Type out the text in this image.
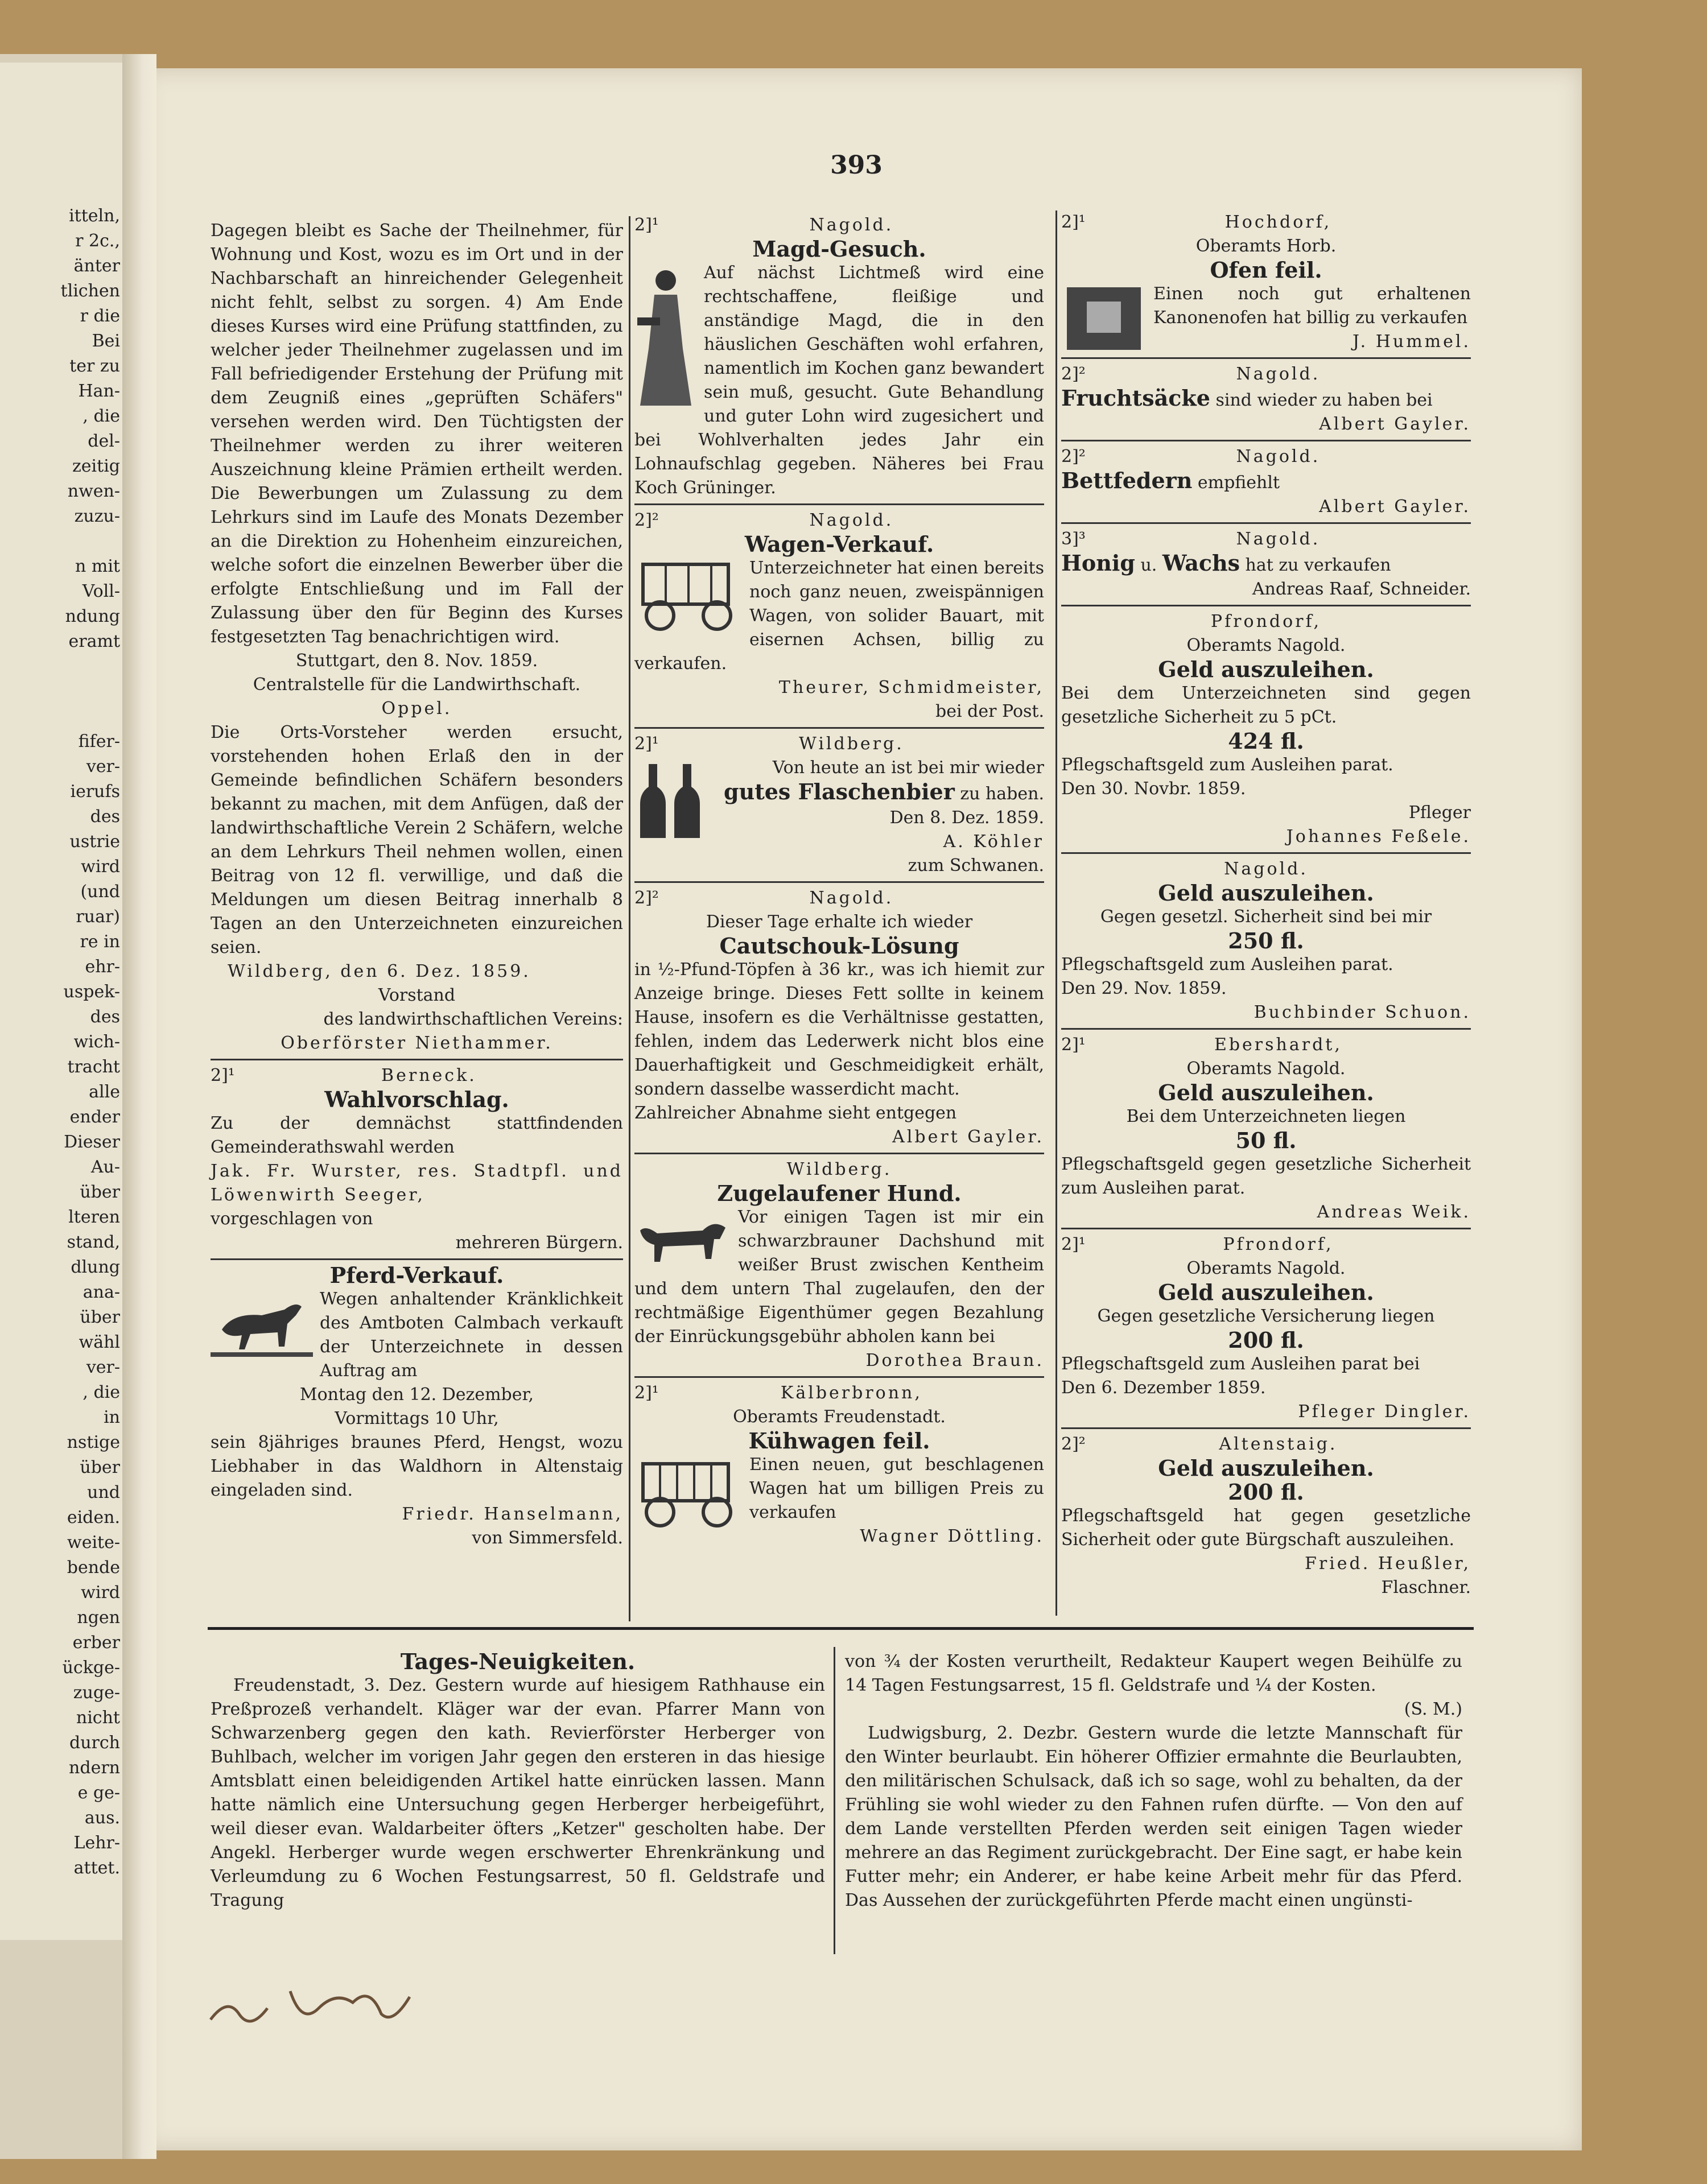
itteln,
r 2c.,
änter
tlichen
r die
Bei
ter zu
Han-
, die
del-
zeitig
nwen-
zuzu-
n mit
Voll-
ndung
eramt
fifer-
ver-
ierufs
des
ustrie
wird
(und
ruar)
re in
ehr-
uspek-
des
wich-
tracht
alle
ender
Dieser
Au-
über
lteren
stand,
dlung
ana-
über
wähl
ver-
, die
in
nstige
über
und
eiden.
weite-
bende
wird
ngen
erber
ückge-
zuge-
nicht
durch
ndern
e ge-
aus.
Lehr-
attet.
393

Dagegen bleibt es Sache der Theilnehmer, für Wohnung und Kost, wozu es im Ort und in der Nachbarschaft an hinreichender Gelegenheit nicht fehlt, selbst zu sorgen. 4) Am Ende dieses Kurses wird eine Prüfung stattfinden, zu welcher jeder Theilnehmer zugelassen und im Fall befriedigender Erstehung der Prüfung mit dem Zeugniß eines „geprüften Schäfers" versehen werden wird. Den Tüchtigsten der Theilnehmer werden zu ihrer weiteren Auszeichnung kleine Prämien ertheilt werden. Die Bewerbungen um Zulassung zu dem Lehrkurs sind im Laufe des Monats Dezember an die Direktion zu Hohenheim einzureichen, welche sofort die einzelnen Bewerber über die erfolgte Entschließung und im Fall der Zulassung über den für Beginn des Kurses festgesetzten Tag benachrichtigen wird.

Stuttgart, den 8. Nov. 1859.

Centralstelle für die Landwirthschaft.

Oppel.

Die Orts-Vorsteher werden ersucht, vorstehenden hohen Erlaß den in der Gemeinde befindlichen Schäfern besonders bekannt zu machen, mit dem Anfügen, daß der landwirthschaftliche Verein 2 Schäfern, welche an dem Lehrkurs Theil nehmen wollen, einen Beitrag von 12 fl. verwillige, und daß die Meldungen um diesen Beitrag innerhalb 8 Tagen an den Unterzeichneten einzureichen seien.

Wildberg, den 6. Dez. 1859.

Vorstand

des landwirthschaftlichen Vereins:

Oberförster Niethammer.

2]¹	Berneck.

Wahlvorschlag.

Zu der demnächst stattfindenden Gemeinderathswahl werden

Jak. Fr. Wurster, res. Stadtpfl. und Löwenwirth Seeger,

vorgeschlagen von

mehreren Bürgern.

Pferd-Verkauf.

Wegen anhaltender Kränklichkeit des Amtboten Calmbach verkauft der Unterzeichnete in dessen Auftrag am

Montag den 12. Dezember,

Vormittags 10 Uhr,

sein 8jähriges braunes Pferd, Hengst, wozu Liebhaber in das Waldhorn in Altenstaig eingeladen sind.

Friedr. Hanselmann,

von Simmersfeld.

2]¹	Nagold.

Magd-Gesuch.

Auf nächst Lichtmeß wird eine rechtschaffene, fleißige und anständige Magd, die in den häuslichen Geschäften wohl erfahren, namentlich im Kochen ganz bewandert sein muß, gesucht. Gute Behandlung und guter Lohn wird zugesichert und bei Wohlverhalten jedes Jahr ein Lohnaufschlag gegeben. Näheres bei Frau Koch Grüninger.

2]²	Nagold.

Wagen-Verkauf.

Unterzeichneter hat einen bereits noch ganz neuen, zweispännigen Wagen, von solider Bauart, mit eisernen Achsen, billig zu verkaufen.

Theurer, Schmidmeister,

bei der Post.

2]¹	Wildberg.

Von heute an ist bei mir wieder

gutes Flaschenbier zu haben.

Den 8. Dez. 1859.

A. Köhler

zum Schwanen.

2]²	Nagold.

Dieser Tage erhalte ich wieder

Cautschouk-Lösung

in ½-Pfund-Töpfen à 36 kr., was ich hiemit zur Anzeige bringe. Dieses Fett sollte in keinem Hause, insofern es die Verhältnisse gestatten, fehlen, indem das Lederwerk nicht blos eine Dauerhaftigkeit und Geschmeidigkeit erhält, sondern dasselbe wasserdicht macht.

Zahlreicher Abnahme sieht entgegen

Albert Gayler.

Wildberg.

Zugelaufener Hund.

Vor einigen Tagen ist mir ein schwarzbrauner Dachshund mit weißer Brust zwischen Kentheim und dem untern Thal zugelaufen, den der rechtmäßige Eigenthümer gegen Bezahlung der Einrückungsgebühr abholen kann bei

Dorothea Braun.

2]¹	Kälberbronn,

Oberamts Freudenstadt.

Kühwagen feil.

Einen neuen, gut beschlagenen Wagen hat um billigen Preis zu verkaufen

Wagner Döttling.

2]¹	Hochdorf,

Oberamts Horb.

Ofen feil.

Einen noch gut erhaltenen Kanonenofen hat billig zu verkaufen

J. Hummel.

2]²	Nagold.

Fruchtsäcke sind wieder zu haben bei

Albert Gayler.

2]²	Nagold.

Bettfedern empfiehlt

Albert Gayler.

3]³	Nagold.

Honig u. Wachs hat zu verkaufen

Andreas Raaf, Schneider.

Pfrondorf,

Oberamts Nagold.

Geld auszuleihen.

Bei dem Unterzeichneten sind gegen gesetzliche Sicherheit zu 5 pCt.

424 fl.

Pflegschaftsgeld zum Ausleihen parat.

Den 30. Novbr. 1859.

Pfleger

Johannes Feßele.

Nagold.

Geld auszuleihen.

Gegen gesetzl. Sicherheit sind bei mir

250 fl.

Pflegschaftsgeld zum Ausleihen parat.

Den 29. Nov. 1859.

Buchbinder Schuon.

2]¹	Ebershardt,

Oberamts Nagold.

Geld auszuleihen.

Bei dem Unterzeichneten liegen

50 fl.

Pflegschaftsgeld gegen gesetzliche Sicherheit zum Ausleihen parat.

Andreas Weik.

2]¹	Pfrondorf,

Oberamts Nagold.

Geld auszuleihen.

Gegen gesetzliche Versicherung liegen

200 fl.

Pflegschaftsgeld zum Ausleihen parat bei

Den 6. Dezember 1859.

Pfleger Dingler.

2]²	Altenstaig.

Geld auszuleihen.

200 fl.

Pflegschaftsgeld hat gegen gesetzliche Sicherheit oder gute Bürgschaft auszuleihen.

Fried. Heußler,

Flaschner.

Tages-Neuigkeiten.

Freudenstadt, 3. Dez. Gestern wurde auf hiesigem Rathhause ein Preßprozeß verhandelt. Kläger war der evan. Pfarrer Mann von Schwarzenberg gegen den kath. Revierförster Herberger von Buhlbach, welcher im vorigen Jahr gegen den ersteren in das hiesige Amtsblatt einen beleidigenden Artikel hatte einrücken lassen. Mann hatte nämlich eine Untersuchung gegen Herberger herbeigeführt, weil dieser evan. Waldarbeiter öfters „Ketzer" gescholten habe. Der Angekl. Herberger wurde wegen erschwerter Ehrenkränkung und Verleumdung zu 6 Wochen Festungsarrest, 50 fl. Geldstrafe und Tragung

von ¾ der Kosten verurtheilt, Redakteur Kaupert wegen Beihülfe zu 14 Tagen Festungsarrest, 15 fl. Geldstrafe und ¼ der Kosten.

(S. M.)

Ludwigsburg, 2. Dezbr. Gestern wurde die letzte Mannschaft für den Winter beurlaubt. Ein höherer Offizier ermahnte die Beurlaubten, den militärischen Schulsack, daß ich so sage, wohl zu behalten, da der Frühling sie wohl wieder zu den Fahnen rufen dürfte. — Von den auf dem Lande verstellten Pferden werden seit einigen Tagen wieder mehrere an das Regiment zurückgebracht. Der Eine sagt, er habe kein Futter mehr; ein Anderer, er habe keine Arbeit mehr für das Pferd. Das Aussehen der zurückgeführten Pferde macht einen ungünsti-
